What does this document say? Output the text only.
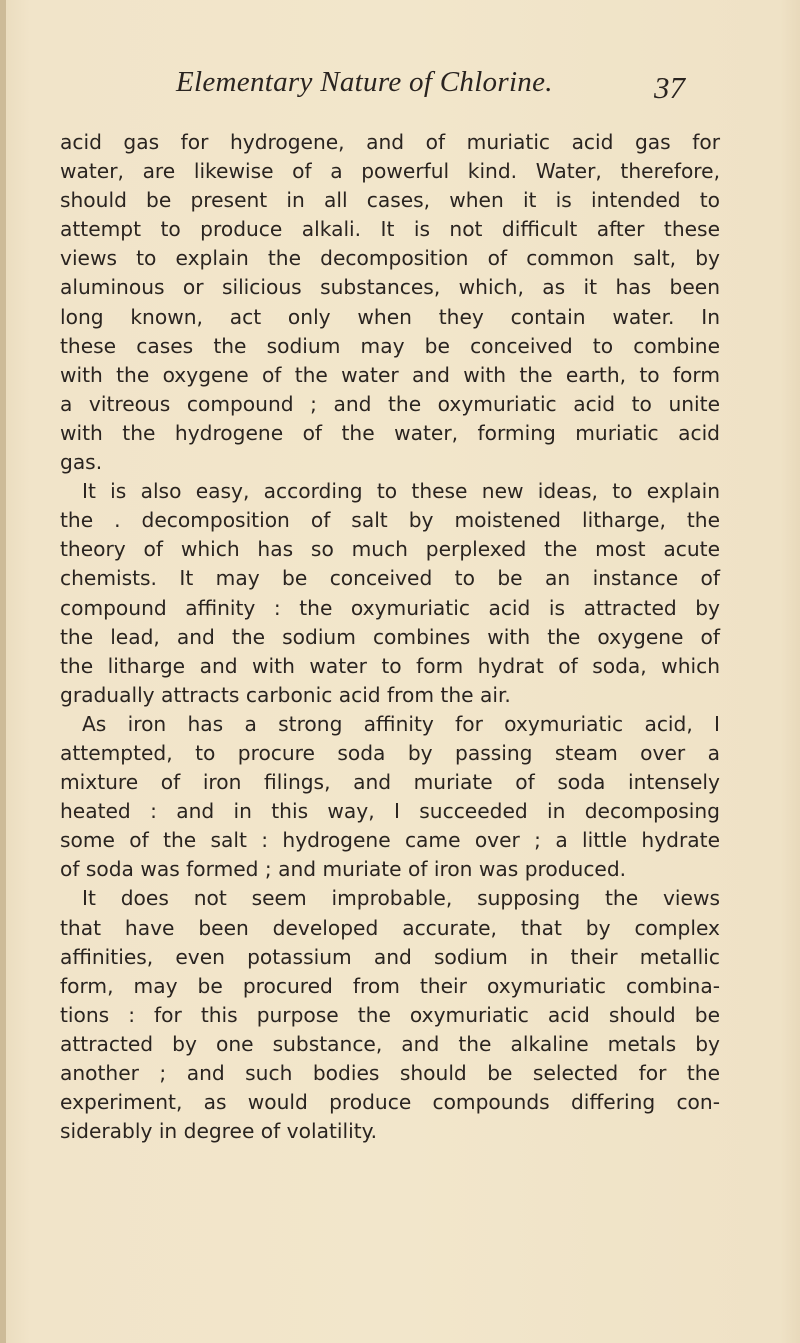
Elementary Nature of Chlorine.	37
acid gas for hydrogene, and of muriatic acid gas for
water, are likewise of a powerful kind. Water, therefore,
should be present in all cases, when it is intended to
attempt to produce alkali. It is not difficult after these
views to explain the decomposition of common salt, by
aluminous or silicious substances, which, as it has been
long known, act only when they contain water. In
these cases the sodium may be conceived to combine
with the oxygene of the water and with the earth, to form
a vitreous compound ; and the oxymuriatic acid to unite
with the hydrogene of the water, forming muriatic acid
gas.
It is also easy, according to these new ideas, to explain
the . decomposition of salt by moistened litharge, the
theory of which has so much perplexed the most acute
chemists. It may be conceived to be an instance of
compound affinity : the oxymuriatic acid is attracted by
the lead, and the sodium combines with the oxygene of
the litharge and with water to form hydrat of soda, which
gradually attracts carbonic acid from the air.
As iron has a strong affinity for oxymuriatic acid, I
attempted, to procure soda by passing steam over a
mixture of iron filings, and muriate of soda intensely
heated : and in this way, I succeeded in decomposing
some of the salt : hydrogene came over ; a little hydrate
of soda was formed ; and muriate of iron was produced.
It does not seem improbable, supposing the views
that have been developed accurate, that by complex
affinities, even potassium and sodium in their metallic
form, may be procured from their oxymuriatic combina-
tions : for this purpose the oxymuriatic acid should be
attracted by one substance, and the alkaline metals by
another ; and such bodies should be selected for the
experiment, as would produce compounds differing con-
siderably in degree of volatility.
